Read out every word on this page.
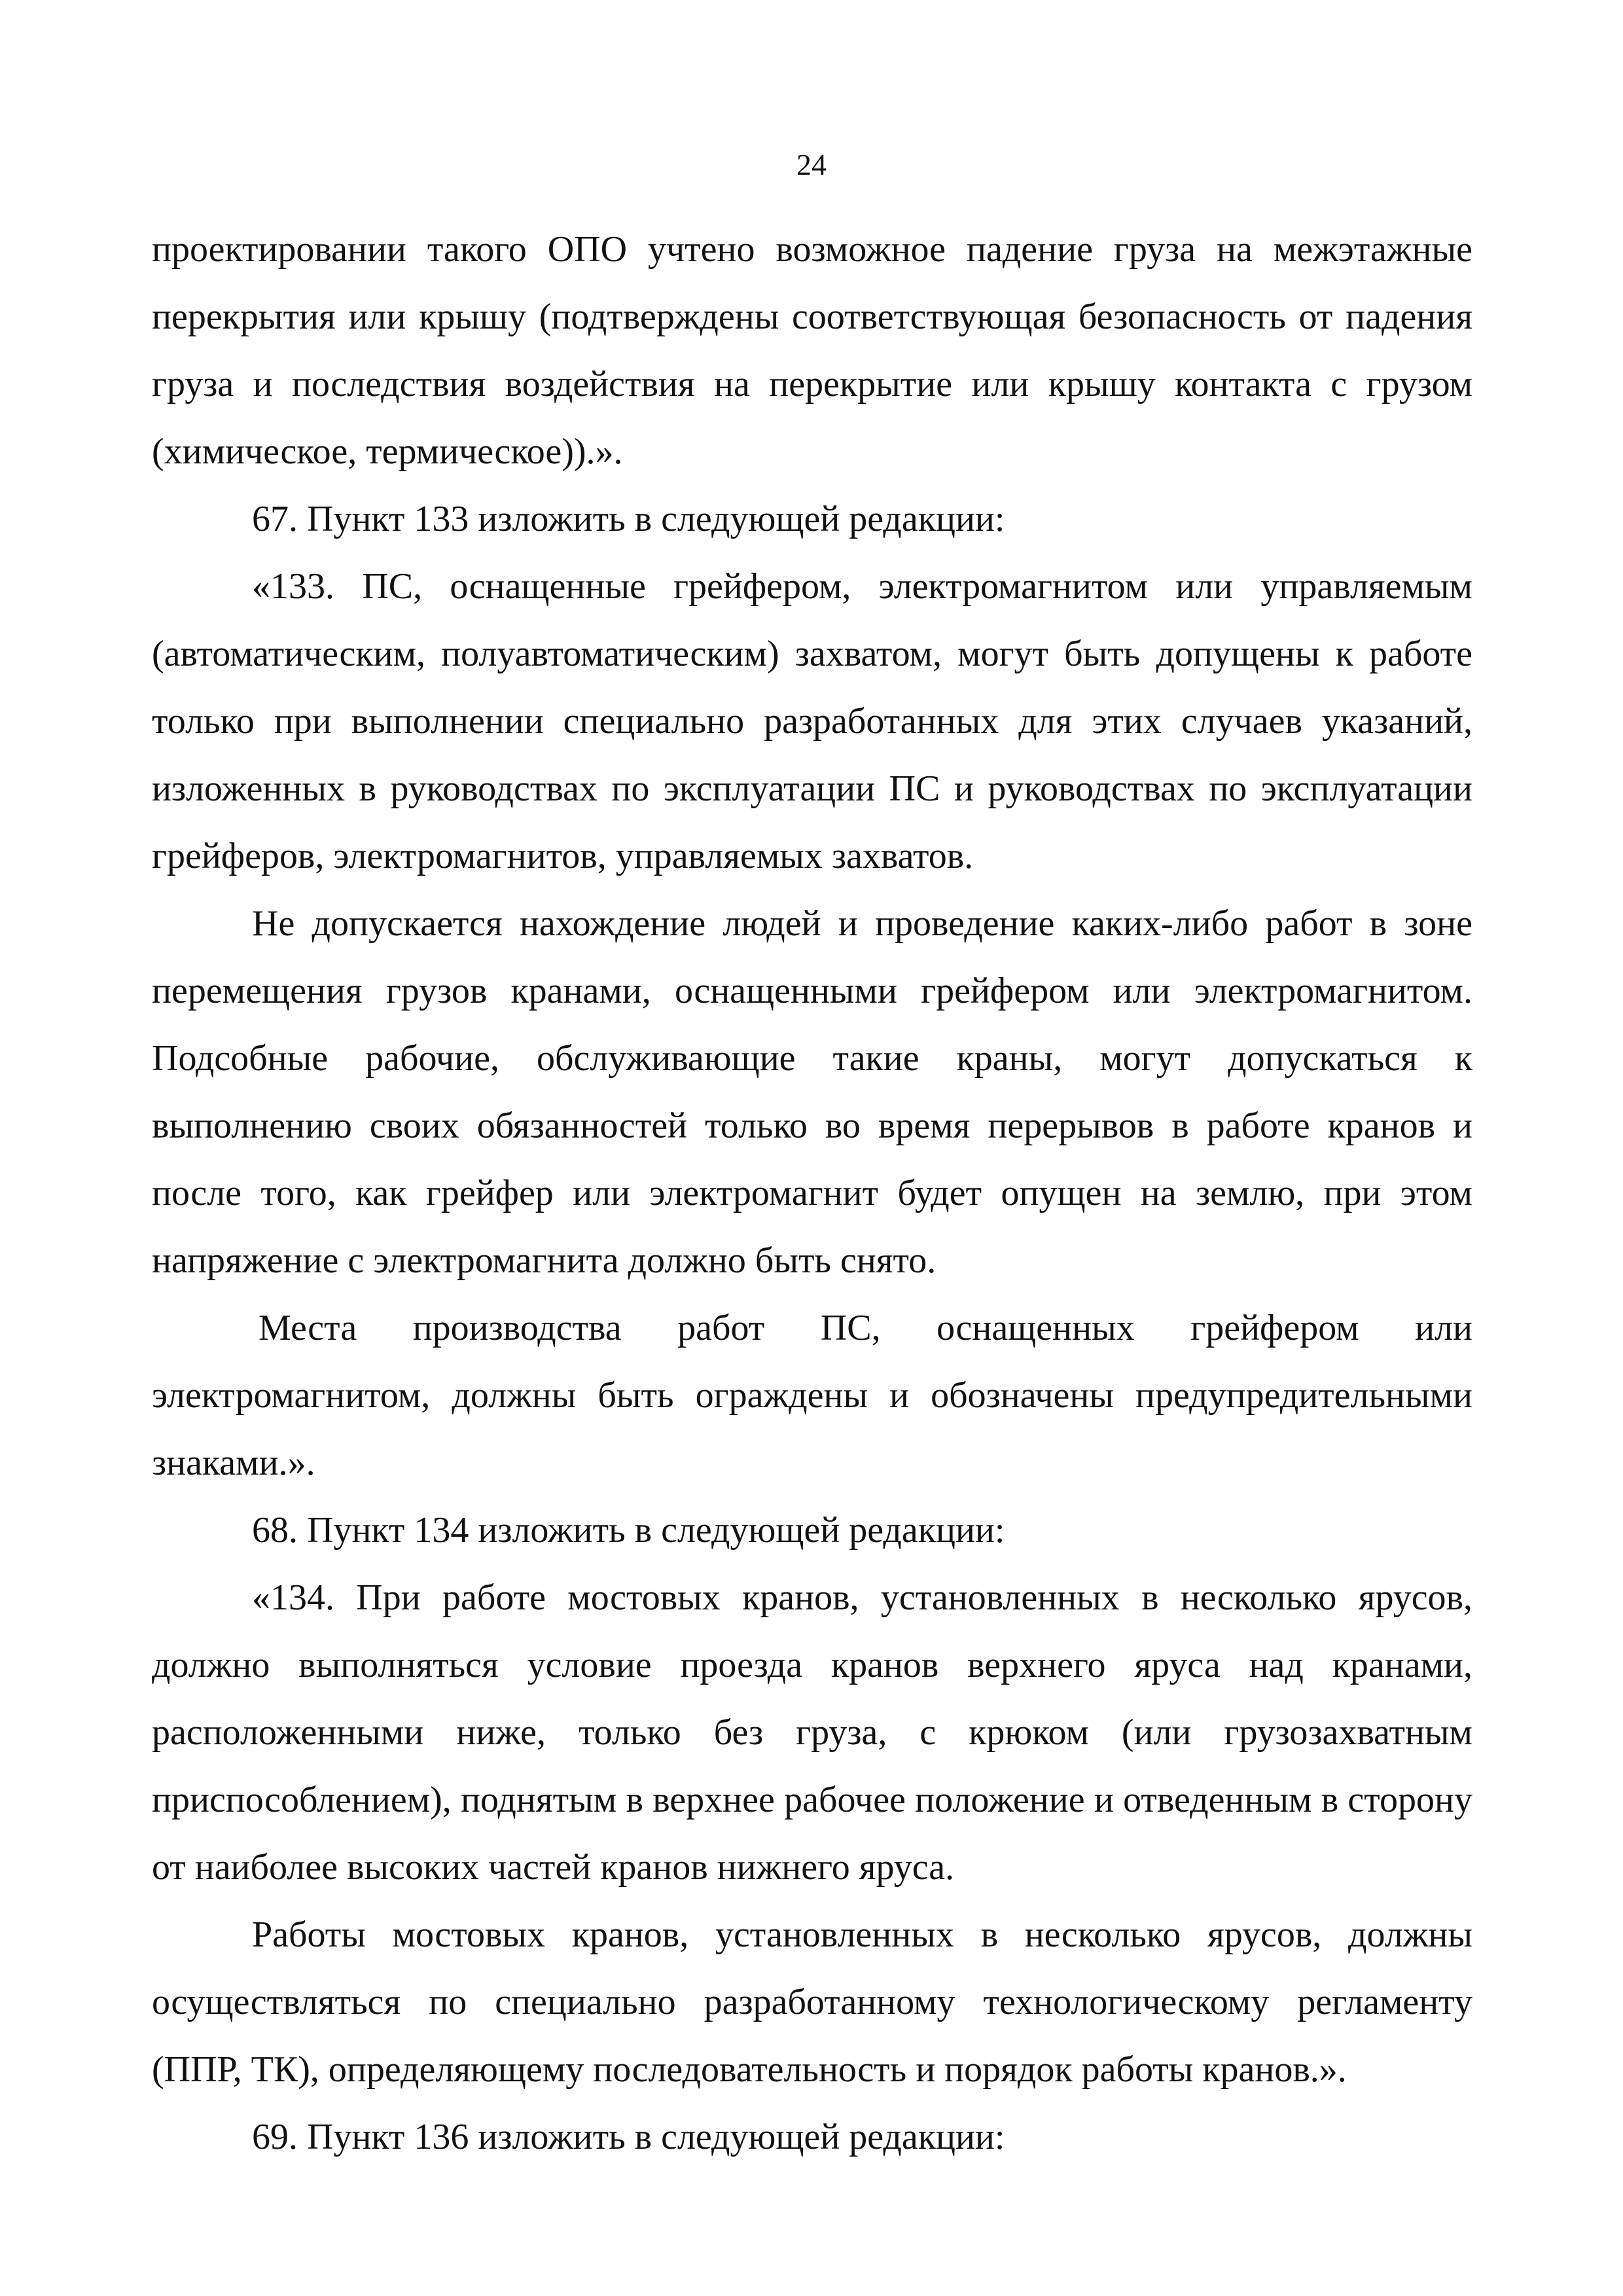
24

проектировании такого ОПО учтено возможное падение груза на межэтажные перекрытия или крышу (подтверждены соответствующая безопасность от падения груза и последствия воздействия на перекрытие или крышу контакта с грузом (химическое, термическое)).».

67. Пункт 133 изложить в следующей редакции:

«133. ПС, оснащенные грейфером, электромагнитом или управляемым (автоматическим, полуавтоматическим) захватом, могут быть допущены к работе только при выполнении специально разработанных для этих случаев указаний, изложенных в руководствах по эксплуатации ПС и руководствах по эксплуатации грейферов, электромагнитов, управляемых захватов.

Не допускается нахождение людей и проведение каких-либо работ в зоне перемещения грузов кранами, оснащенными грейфером или электромагнитом. Подсобные рабочие, обслуживающие такие краны, могут допускаться к выполнению своих обязанностей только во время перерывов в работе кранов и после того, как грейфер или электромагнит будет опущен на землю, при этом напряжение с электромагнита должно быть снято.

Места производства работ ПС, оснащенных грейфером или электромагнитом, должны быть ограждены и обозначены предупредительными знаками.».

68. Пункт 134 изложить в следующей редакции:

«134. При работе мостовых кранов, установленных в несколько ярусов, должно выполняться условие проезда кранов верхнего яруса над кранами, расположенными ниже, только без груза, с крюком (или грузозахватным приспособлением), поднятым в верхнее рабочее положение и отведенным в сторону от наиболее высоких частей кранов нижнего яруса.

Работы мостовых кранов, установленных в несколько ярусов, должны осуществляться по специально разработанному технологическому регламенту (ППР, ТК), определяющему последовательность и порядок работы кранов.».

69. Пункт 136 изложить в следующей редакции:
